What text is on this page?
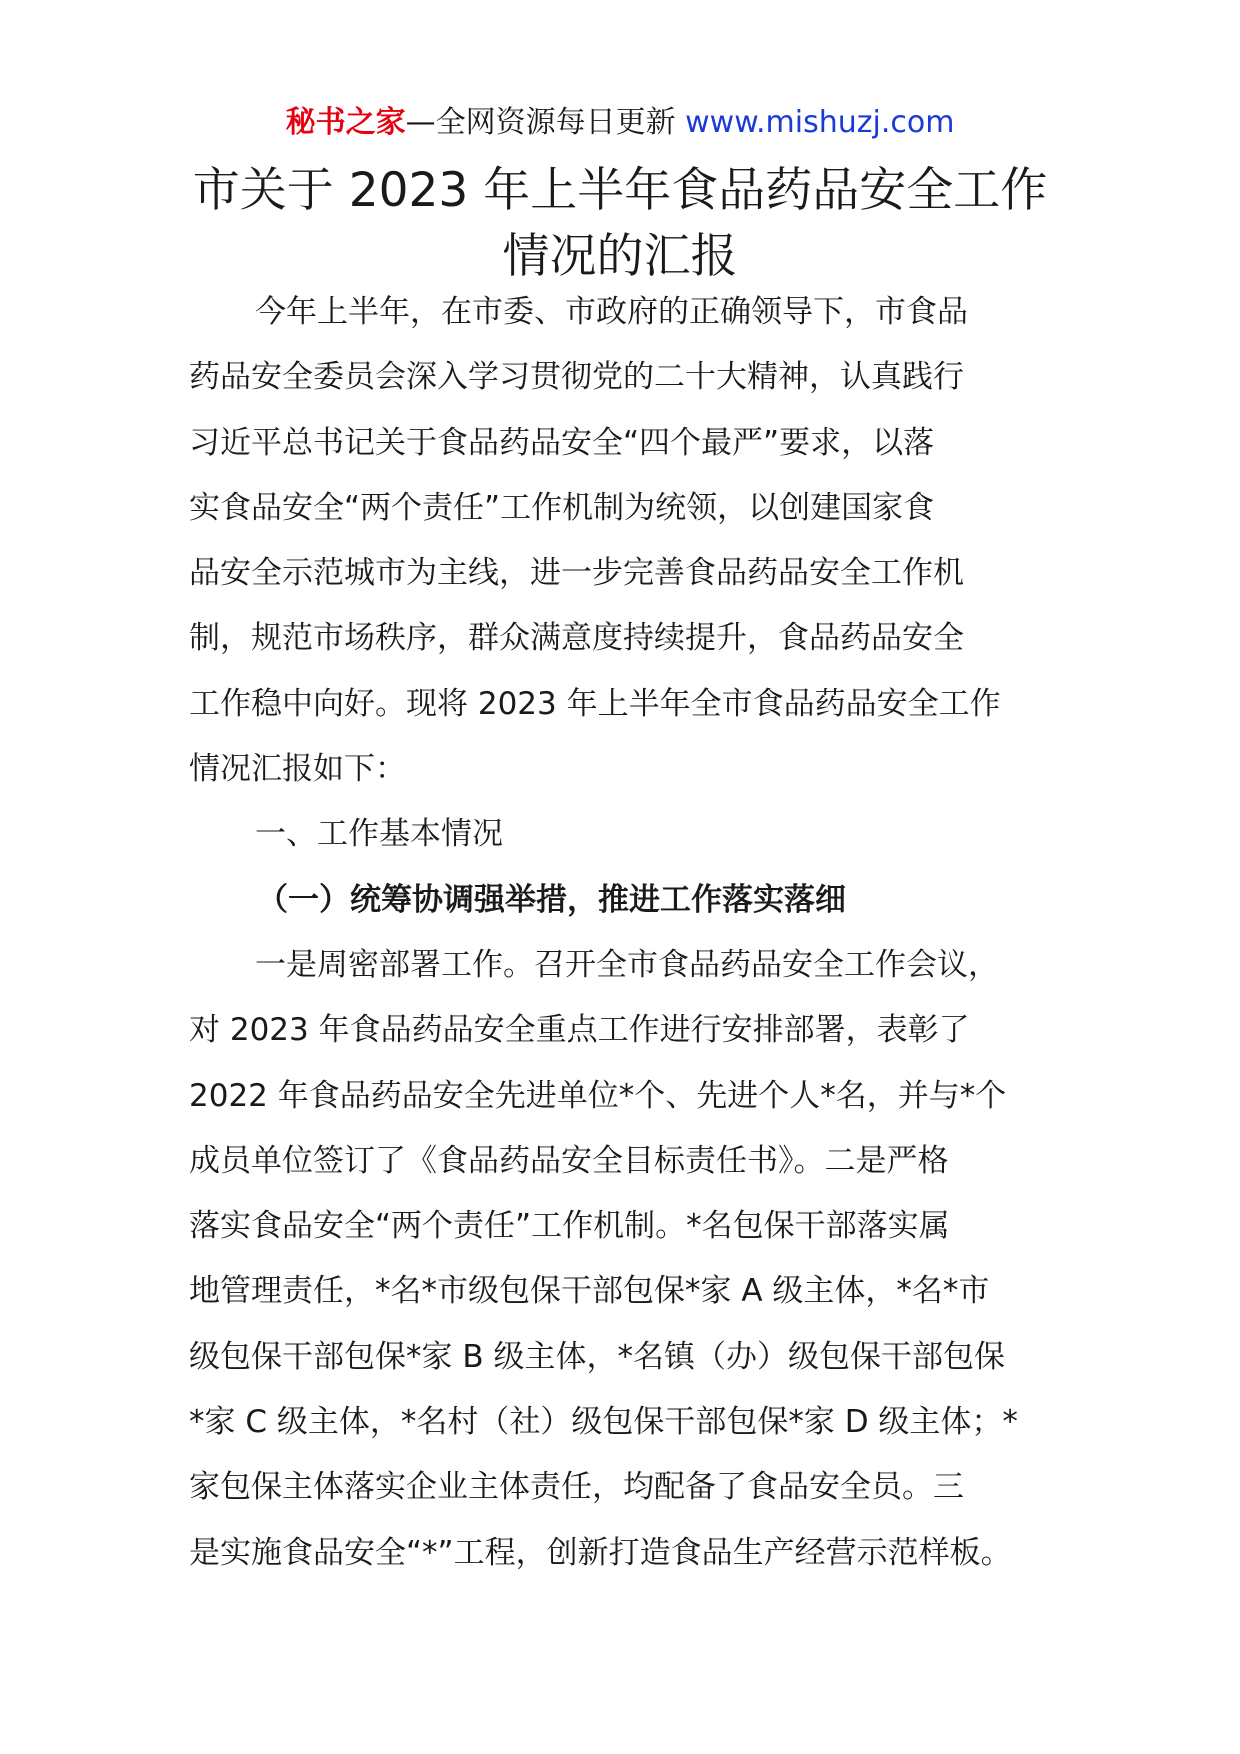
秘书之家—全网资源每日更新 www.mishuzj.com
市关于 2023 年上半年食品药品安全工作
情况的汇报
今年上半年，在市委、市政府的正确领导下，市食品
药品安全委员会深入学习贯彻党的二十大精神，认真践行
习近平总书记关于食品药品安全“四个最严”要求，以落
实食品安全“两个责任”工作机制为统领，以创建国家食
品安全示范城市为主线，进一步完善食品药品安全工作机
制，规范市场秩序，群众满意度持续提升，食品药品安全
工作稳中向好。现将 2023 年上半年全市食品药品安全工作
情况汇报如下：
一、工作基本情况
（一）统筹协调强举措，推进工作落实落细
一是周密部署工作。召开全市食品药品安全工作会议，
对 2023 年食品药品安全重点工作进行安排部署，表彰了
2022 年食品药品安全先进单位*个、先进个人*名，并与*个
成员单位签订了《食品药品安全目标责任书》。二是严格
落实食品安全“两个责任”工作机制。*名包保干部落实属
地管理责任，*名*市级包保干部包保*家 A 级主体，*名*市
级包保干部包保*家 B 级主体，*名镇（办）级包保干部包保
*家 C 级主体，*名村（社）级包保干部包保*家 D 级主体；*
家包保主体落实企业主体责任，均配备了食品安全员。三
是实施食品安全“*”工程，创新打造食品生产经营示范样板。
